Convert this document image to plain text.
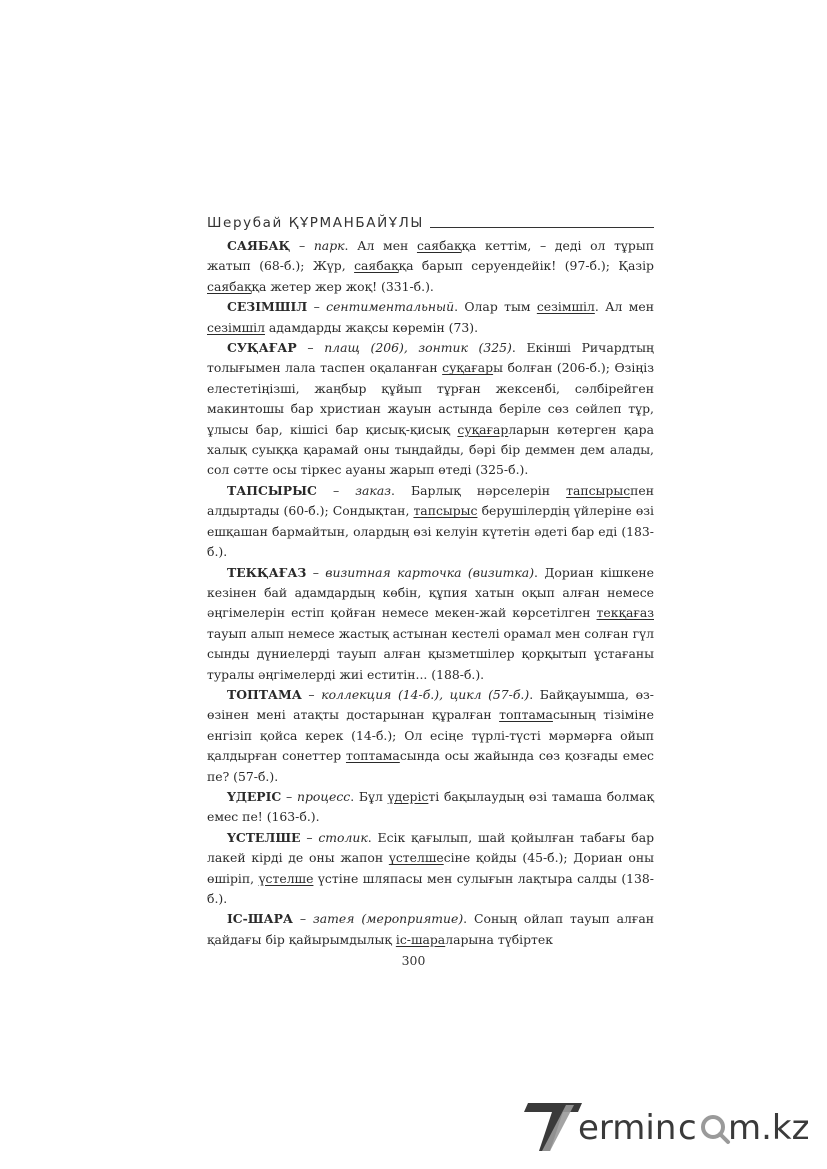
Шерубай ҚҰРМАНБАЙҰЛЫ

САЯБАҚ – парк. Ал мен саябаққа кеттім, – деді ол тұрып жатып (68-б.); Жүр, саябаққа барып серуендейік! (97-б.); Қазір саябаққа жетер жер жоқ! (331-б.).

СЕЗІМШІЛ – сентиментальный. Олар тым сезімшіл. Ал мен сезімшіл адамдарды жақсы көремін (73).

СУҚАҒАР – плащ (206), зонтик (325). Екінші Ричардтың толығымен лала таспен оқаланған суқағары болған (206-б.); Өзіңіз елестетіңізші, жаңбыр құйып тұрған жексенбі, сәлбірейген макинтошы бар христиан жауын астында беріле сөз сөйлеп тұр, ұлысы бар, кішісі бар қисық-қисық суқағарларын көтерген қара халық суыққа қарамай оны тыңдайды, бәрі бір деммен дем алады, сол сәтте осы тіркес ауаны жарып өтеді (325-б.).

ТАПСЫРЫС – заказ. Барлық нәрселерін тапсырыспен алдыртады (60-б.); Сондықтан, тапсырыс берушілердің үйлеріне өзі ешқашан бармайтын, олардың өзі келуін күтетін әдеті бар еді (183-б.).

ТЕКҚАҒАЗ – визитная карточка (визитка). Дориан кішкене кезінен бай адамдардың көбін, құпия хатын оқып алған немесе әңгімелерін естіп қойған немесе мекен-жай көрсетілген текқағаз тауып алып немесе жастық астынан кестелі орамал мен солған гүл сынды дүниелерді тауып алған қызметшілер қорқытып ұстағаны туралы әңгімелерді жиі еститін... (188-б.).

ТОПТАМА – коллекция (14-б.), цикл (57-б.). Байқауымша, өз-өзінен мені атақты достарынан құралған топтамасының тізіміне енгізіп қойса керек (14-б.); Ол есіңе түрлі-түсті мәрмәрға ойып қалдырған сонеттер топтамасында осы жайында сөз қозғады емес пе? (57-б.).

ҮДЕРІС – процесс. Бұл үдерісті бақылаудың өзі тамаша болмақ емес пе! (163-б.).

ҮСТЕЛШЕ – столик. Есік қағылып, шай қойылған табағы бар лакей кірді де оны жапон үстелшесіне қойды (45-б.); Дориан оны өшіріп, үстелше үстіне шляпасы мен сулығын лақтыра салды (138-б.).

ІС-ШАРА – затея (мероприятие). Соның ойлап тауып алған қайдағы бір қайырымдылық іс-шараларына түбіртек

300
ermin c m.kz
